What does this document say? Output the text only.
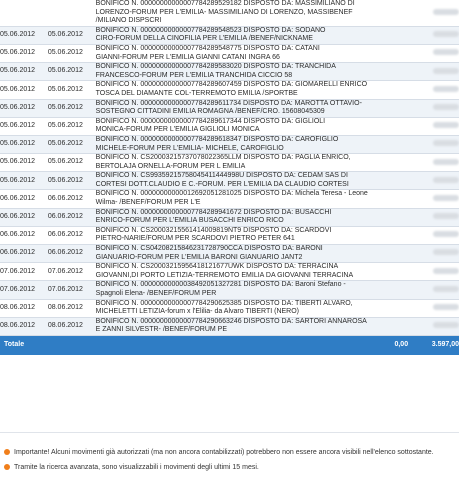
		BONIFICO N. 00000000000007784289529182 DISPOSTO DA: MASSIMILIANO DI
LORENZO-FORUM PER L'EMILIA- MASSIMILIANO DI LORENZO, MASSIBENEF
/MILIANO DISPSCRI		

05.06.2012	05.06.2012	BONIFICO N. 00000000000007784289548523 DISPOSTO DA: SODANO
CIRO-FORUM DELLA CINOFILIA PER L'EMILIA /BENEF/NICKNAME		

05.06.2012	05.06.2012	BONIFICO N. 00000000000007784289548775 DISPOSTO DA: CATANI
GIANNI-FORUM PER L'EMILIA GIANNI CATANI INGRA 66		

05.06.2012	05.06.2012	BONIFICO N. 00000000000007784289583020 DISPOSTO DA: TRANCHIDA
FRANCESCO-FORUM PER L'EMILIA TRANCHIDA CICCIO 58		

05.06.2012	05.06.2012	BONIFICO N. 00000000000007784289607459 DISPOSTO DA: GIOMARELLI ENRICO
TOSCA DEL DIAMANTE COL-TERREMOTO EMILIA /SPORTBE		

05.06.2012	05.06.2012	BONIFICO N. 00000000000007784289611734 DISPOSTO DA: MAROTTA OTTAVIO-
SOSTEGNO CITTADINI EMILIA ROMAGNA /BENEF/CRO. 15608045309		

05.06.2012	05.06.2012	BONIFICO N. 00000000000007784289617344 DISPOSTO DA: GIGLIOLI
MONICA-FORUM PER L'EMILIA GIGLIOLI MONICA		

05.06.2012	05.06.2012	BONIFICO N. 00000000000007784289618347 DISPOSTO DA: CAROFIGLIO
MICHELE-FORUM PER L'EMILIA- MICHELE, CAROFIGLIO		

05.06.2012	05.06.2012	BONIFICO N. CS20003215737078022365LLM DISPOSTO DA: PAGLIA ENRICO,
BERTOLAJA ORNELLA-FORUM PER L EMILIA		

05.06.2012	05.06.2012	BONIFICO N. CS99359215758045411444998U DISPOSTO DA: CEDAM SAS DI
CORTESI DOTT.CLAUDIO E C.-FORUM. PER L'EMILIA DA CLAUDIO CORTESI		

06.06.2012	06.06.2012	BONIFICO N. 00000000000012692051281025 DISPOSTO DA: Michela Teresa - Leone
Wilma- /BENEF/FORUM PER L'E		

06.06.2012	06.06.2012	BONIFICO N. 00000000000007784289941672 DISPOSTO DA: BUSACCHI
ENRICO-FORUM PER L'EMILIA BUSACCHI ENRICO RICO		

06.06.2012	06.06.2012	BONIFICO N. CS20003215561414009819NT9 DISPOSTO DA: SCARDOVI
PIETRO-NARIE/FORUM PER SCARDOVI PIETRO PETER 641		

06.06.2012	06.06.2012	BONIFICO N. CS04208215846231728790CCA DISPOSTO DA: BARONI
GIANUARIO-FORUM PER L'EMILIA BARONI GIANUARIO JANT2		

07.06.2012	07.06.2012	BONIFICO N. CS20003215956418121677UWK DISPOSTO DA: TERRACINA
GIOVANNI,DI PORTO LETIZIA-TERREMOTO EMILIA DA GIOVANNI TERRACINA		

07.06.2012	07.06.2012	BONIFICO N. 00000000000038492051327281 DISPOSTO DA: Baroni Stefano -
Spagnoli Elena- /BENEF/FORUM PER		

08.06.2012	08.06.2012	BONIFICO N. 00000000000007784290625385 DISPOSTO DA: TIBERTI ALVARO,
MICHELETTI LETIZIA-forum x l'Elilia- da Alvaro TIBERTI (NERO)		

08.06.2012	08.06.2012	BONIFICO N. 00000000000007784290663246 DISPOSTO DA: SARTORI ANNAROSA
E ZANNI SILVESTR- /BENEF/FORUM PE		

Totale			0,00	3.597,00
Importante! Alcuni movimenti già autorizzati (ma non ancora contabilizzati) potrebbero non essere ancora visibili nell'elenco sottostante.
Tramite la ricerca avanzata, sono visualizzabili i movimenti degli ultimi 15 mesi.
